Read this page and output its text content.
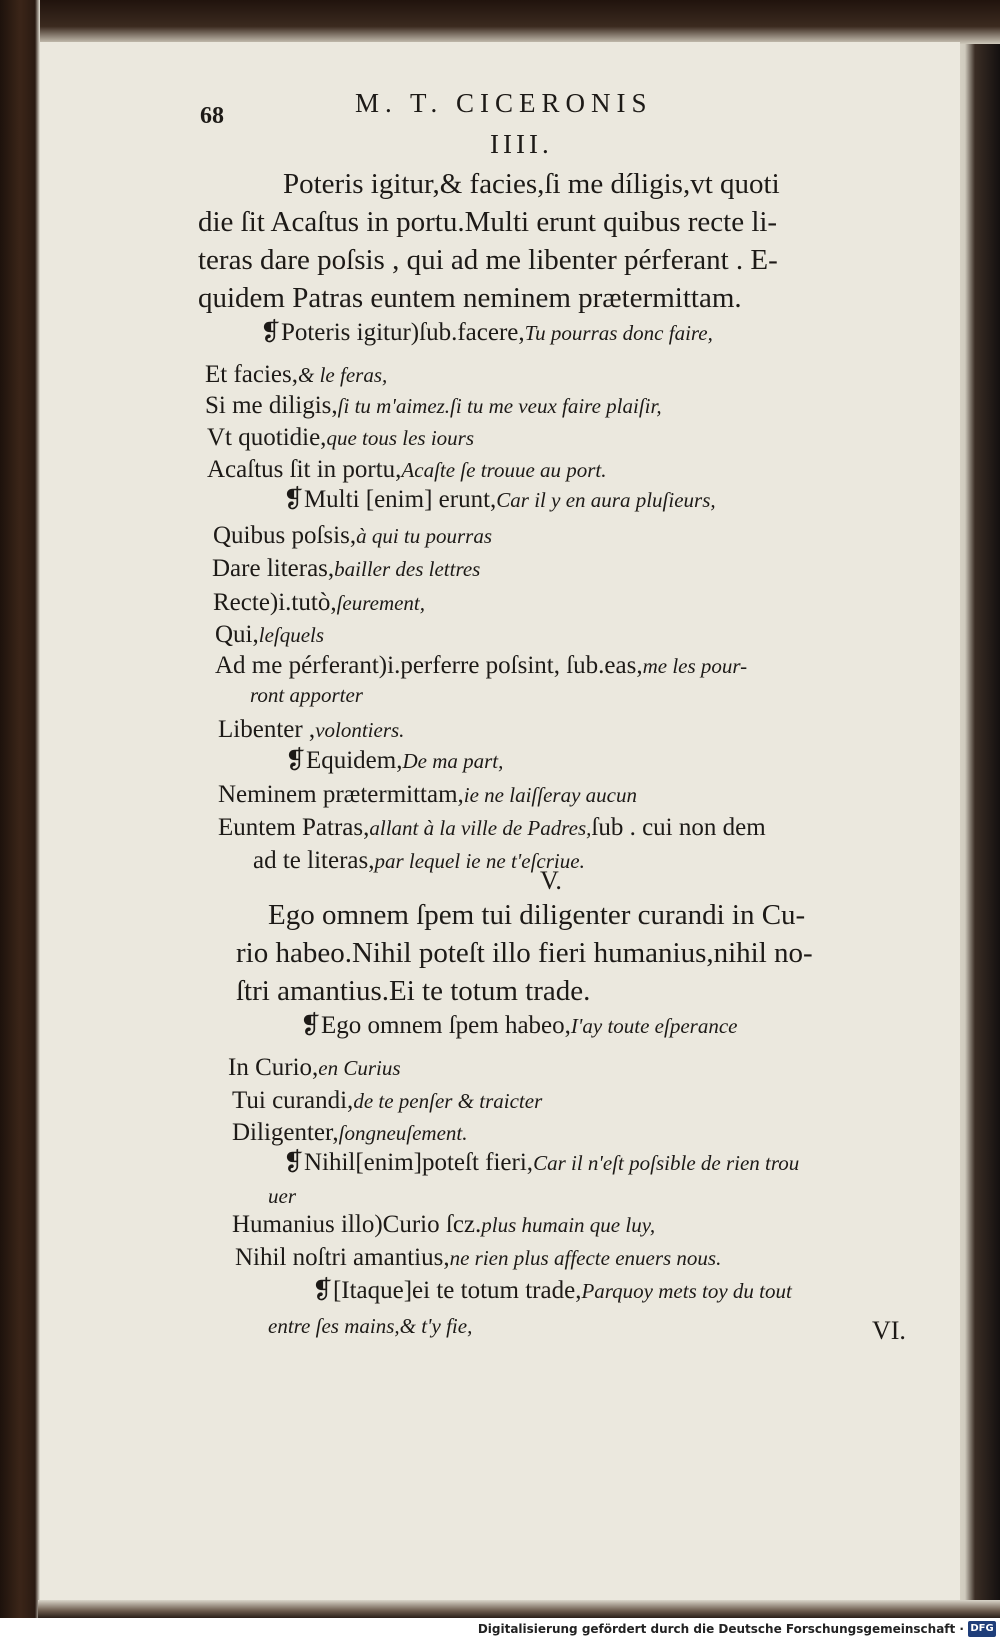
68	M. T. CICERONIS
IIII.
Poteris igitur,& facies,ſi me díligis,vt quoti
die ſit Acaſtus in portu.Multi erunt quibus recte li-
teras dare poſsis , qui ad me libenter pérferant . E-
quidem Patras euntem neminem prætermittam.
❡Poteris igitur)ſub.facere,Tu pourras donc faire,
Et facies,& le feras,
Si me diligis,ſi tu m'aimez.ſi tu me veux faire plaiſir,
Vt quotidie,que tous les iours
Acaſtus ſit in portu,Acaſte ſe trouue au port.
❡Multi [enim] erunt,Car il y en aura pluſieurs,
Quibus poſsis,à qui tu pourras
Dare literas,bailler des lettres
Recte)i.tutò,ſeurement,
Qui,leſquels
Ad me pérferant)i.perferre poſsint, ſub.eas,me les pour-
ront apporter
Libenter ,volontiers.
❡Equidem,De ma part,
Neminem prætermittam,ie ne laiſſeray aucun
Euntem Patras,allant à la ville de Padres,ſub . cui non dem
ad te literas,par lequel ie ne t'eſcriue.
V.
Ego omnem ſpem tui diligenter curandi in Cu-
rio habeo.Nihil poteſt illo fieri humanius,nihil no-
ſtri amantius.Ei te totum trade.
❡Ego omnem ſpem habeo,I'ay toute eſperance
In Curio,en Curius
Tui curandi,de te penſer & traicter
Diligenter,ſongneuſement.
❡Nihil[enim]poteſt fieri,Car il n'eſt poſsible de rien trou
uer
Humanius illo)Curio ſcz.plus humain que luy,
Nihil noſtri amantius,ne rien plus affecte enuers nous.
❡[Itaque]ei te totum trade,Parquoy mets toy du tout
entre ſes mains,& t'y fie,	VI.
Digitalisierung gefördert durch die Deutsche Forschungsgemeinschaft · DFG
